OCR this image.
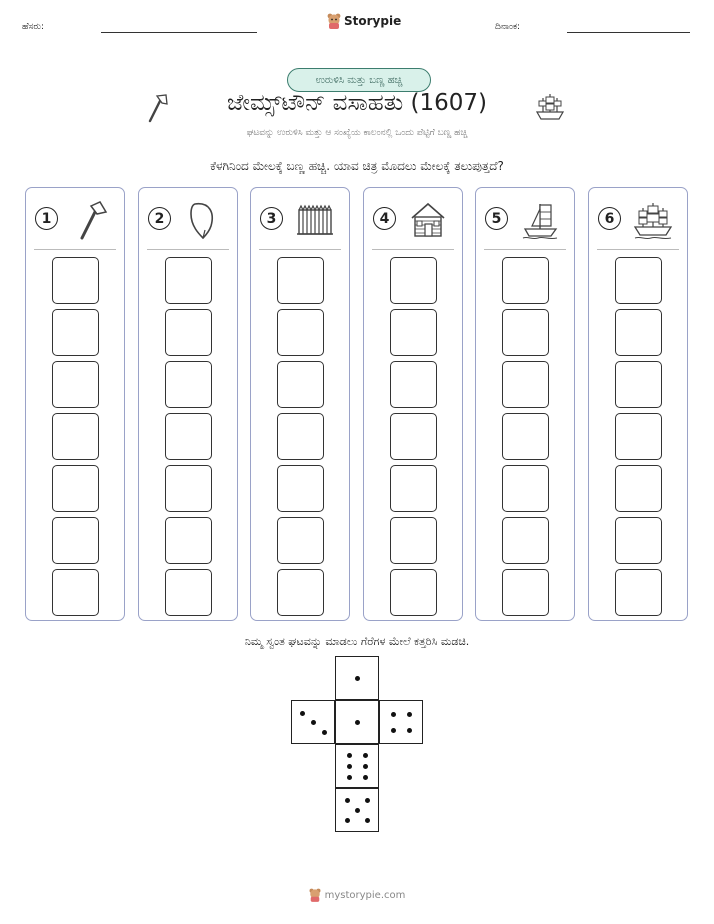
ಹೆಸರು:	Storypie	ದಿನಾಂಕ:
ಉರುಳಿಸಿ ಮತ್ತು ಬಣ್ಣ ಹಚ್ಚಿ
ಜೇಮ್ಸ್‌ಟೌನ್ ವಸಾಹತು (1607)
ಘಟವನ್ನು ಉರುಳಿಸಿ ಮತ್ತು ಆ ಸಂಖ್ಯೆಯ ಕಾಲಂನಲ್ಲಿ ಒಂದು ಪೆಟ್ಟಿಗೆ ಬಣ್ಣ ಹಚ್ಚಿ
ಕೆಳಗಿನಿಂದ ಮೇಲಕ್ಕೆ ಬಣ್ಣ ಹಚ್ಚಿ. ಯಾವ ಚಿತ್ರ ಮೊದಲು ಮೇಲಕ್ಕೆ ತಲುಪುತ್ತದೆ?
1	2	3	4	5	6
ನಿಮ್ಮ ಸ್ವಂತ ಘಟವನ್ನು ಮಾಡಲು ಗೆರೆಗಳ ಮೇಲೆ ಕತ್ತರಿಸಿ ಮಡಚಿ.
mystorypie.com
